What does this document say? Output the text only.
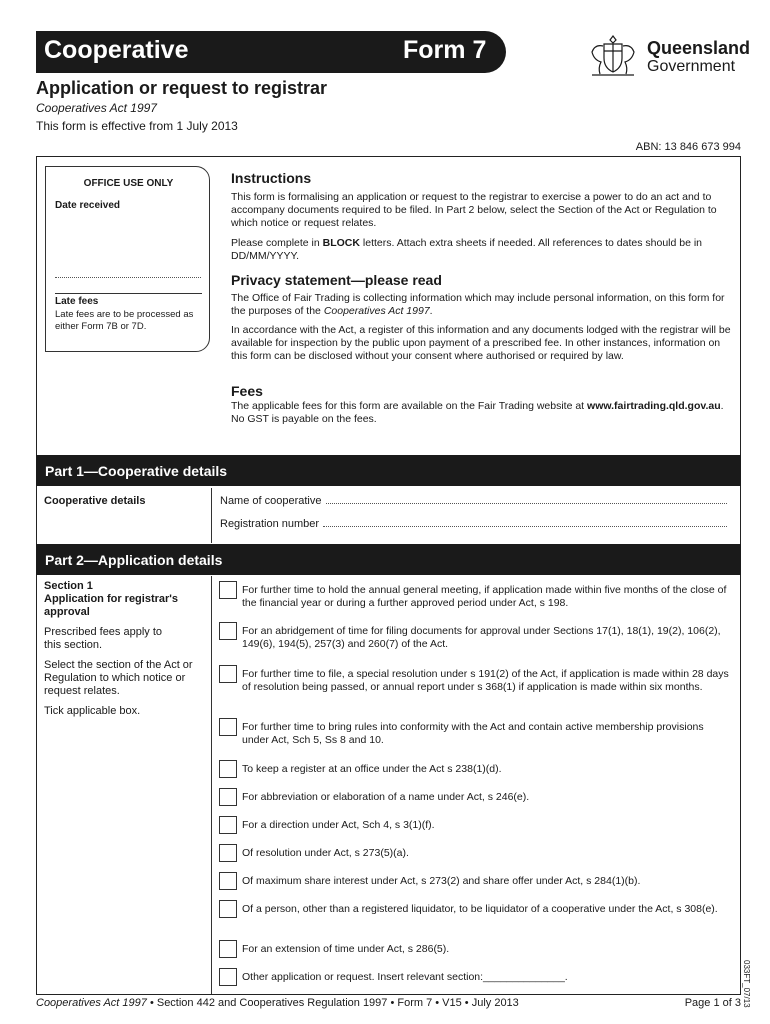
Cooperative	Form 7	Queensland
Government
Application or request to registrar
Cooperatives Act 1997
This form is effective from 1 July 2013
ABN: 13 846 673 994
OFFICE USE ONLY
Date received
Late fees
Late fees are to be processed as either Form 7B or 7D.
Instructions

This form is formalising an application or request to the registrar to exercise a power to do an act and to accompany documents required to be filed. In Part 2 below, select the Section of the Act or Regulation to which notice or request relates.

Please complete in BLOCK letters. Attach extra sheets if needed. All references to dates should be in DD/MM/YYYY.

Privacy statement—please read

The Office of Fair Trading is collecting information which may include personal information, on this form for the purposes of the Cooperatives Act 1997.

In accordance with the Act, a register of this information and any documents lodged with the registrar will be available for inspection by the public upon payment of a prescribed fee. In other instances, information on this form can be disclosed without your consent where authorised or required by law.

Fees

The applicable fees for this form are available on the Fair Trading website at www.fairtrading.qld.gov.au. No GST is payable on the fees.

Part 1—Cooperative details
Cooperative details	Name of cooperative
Registration number
Part 2—Application details
Section 1
Application for registrar's approval

Prescribed fees apply to this section.

Select the section of the Act or Regulation to which notice or request relates.

Tick applicable box.

For further time to hold the annual general meeting, if application made within five months of the close of the financial year or during a further approved period under Act, s 198.
For an abridgement of time for filing documents for approval under Sections 17(1), 18(1), 19(2), 106(2), 149(6), 194(5), 257(3) and 260(7) of the Act.
For further time to file, a special resolution under s 191(2) of the Act, if application is made within 28 days of resolution being passed, or annual report under s 368(1) if application is made within six months.
For further time to bring rules into conformity with the Act and contain active membership provisions under Act, Sch 5, Ss 8 and 10.
To keep a register at an office under the Act s 238(1)(d).
For abbreviation or elaboration of a name under Act, s 246(e).
For a direction under Act, Sch 4, s 3(1)(f).
Of resolution under Act, s 273(5)(a).
Of maximum share interest under Act, s 273(2) and share offer under Act, s 284(1)(b).
Of a person, other than a registered liquidator, to be liquidator of a cooperative under the Act, s 308(e).
For an extension of time under Act, s 286(5).
Other application or request. Insert relevant section:______________.
Cooperatives Act 1997 • Section 442 and Cooperatives Regulation 1997 • Form 7 • V15 • July 2013	Page 1 of 3 033FT_07/13
